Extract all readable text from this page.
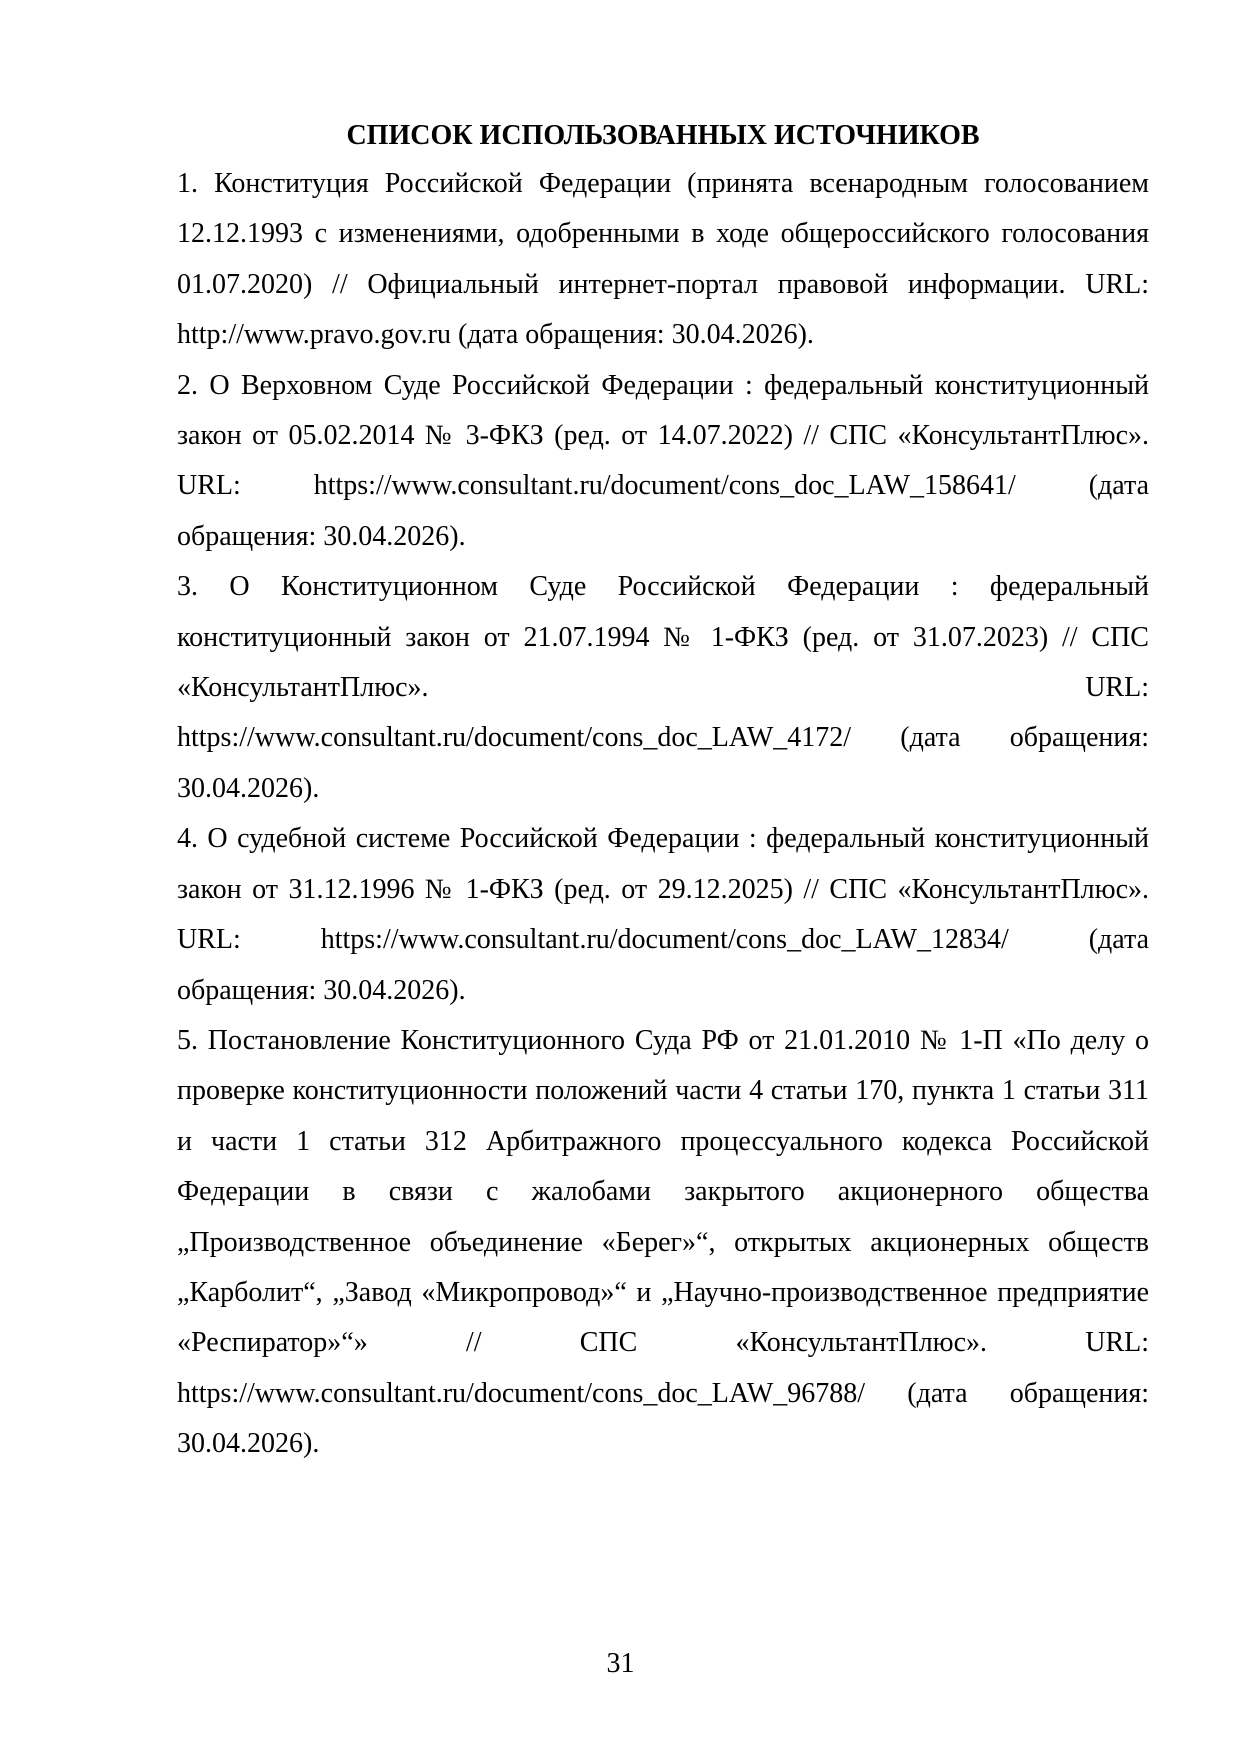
СПИСОК ИСПОЛЬЗОВАННЫХ ИСТОЧНИКОВ
1. Конституция Российской Федерации (принята всенародным голосованием 12.12.1993 с изменениями, одобренными в ходе общероссийского голосования 01.07.2020) // Официальный интернет-портал правовой информации. URL: http://www.pravo.gov.ru (дата обращения: 30.04.2026).
2. О Верховном Суде Российской Федерации : федеральный конституционный закон от 05.02.2014 № 3-ФКЗ (ред. от 14.07.2022) // СПС «КонсультантПлюс». URL: https://www.consultant.ru/document/cons_doc_LAW_158641/ (дата обращения: 30.04.2026).
3. О Конституционном Суде Российской Федерации : федеральный конституционный закон от 21.07.1994 № 1-ФКЗ (ред. от 31.07.2023) // СПС «КонсультантПлюс». URL: https://www.consultant.ru/document/cons_doc_LAW_4172/ (дата обращения: 30.04.2026).
4. О судебной системе Российской Федерации : федеральный конституционный закон от 31.12.1996 № 1-ФКЗ (ред. от 29.12.2025) // СПС «КонсультантПлюс». URL: https://www.consultant.ru/document/cons_doc_LAW_12834/ (дата обращения: 30.04.2026).
5. Постановление Конституционного Суда РФ от 21.01.2010 № 1-П «По делу о проверке конституционности положений части 4 статьи 170, пункта 1 статьи 311 и части 1 статьи 312 Арбитражного процессуального кодекса Российской Федерации в связи с жалобами закрытого акционерного общества „Производственное объединение «Берег»“, открытых акционерных обществ „Карболит“, „Завод «Микропровод»“ и „Научно-производственное предприятие «Респиратор»“» // СПС «КонсультантПлюс». URL: https://www.consultant.ru/document/cons_doc_LAW_96788/ (дата обращения: 30.04.2026).
31
